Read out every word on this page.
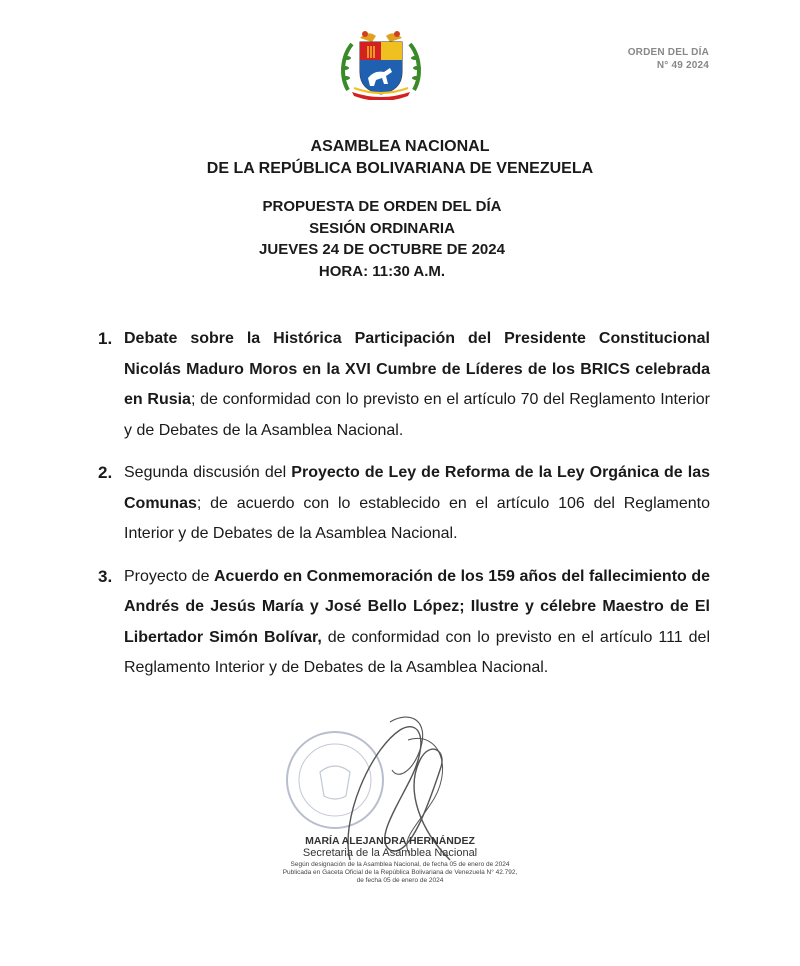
ORDEN DEL DÍA
N° 49 2024
ASAMBLEA NACIONAL
DE LA REPÚBLICA BOLIVARIANA DE VENEZUELA
PROPUESTA DE ORDEN DEL DÍA
SESIÓN ORDINARIA
JUEVES 24 DE OCTUBRE DE 2024
HORA: 11:30 A.M.
1. Debate sobre la Histórica Participación del Presidente Constitucional Nicolás Maduro Moros en la XVI Cumbre de Líderes de los BRICS celebrada en Rusia; de conformidad con lo previsto en el artículo 70 del Reglamento Interior y de Debates de la Asamblea Nacional.
2. Segunda discusión del Proyecto de Ley de Reforma de la Ley Orgánica de las Comunas; de acuerdo con lo establecido en el artículo 106 del Reglamento Interior y de Debates de la Asamblea Nacional.
3. Proyecto de Acuerdo en Conmemoración de los 159 años del fallecimiento de Andrés de Jesús María y José Bello López; Ilustre y célebre Maestro de El Libertador Simón Bolívar, de conformidad con lo previsto en el artículo 111 del Reglamento Interior y de Debates de la Asamblea Nacional.
MARÍA ALEJANDRA HERNÁNDEZ
Secretaria de la Asamblea Nacional
Según designación de la Asamblea Nacional, de fecha 05 de enero de 2024
Publicada en Gaceta Oficial de la República Bolivariana de Venezuela N° 42.792,
de fecha 05 de enero de 2024
